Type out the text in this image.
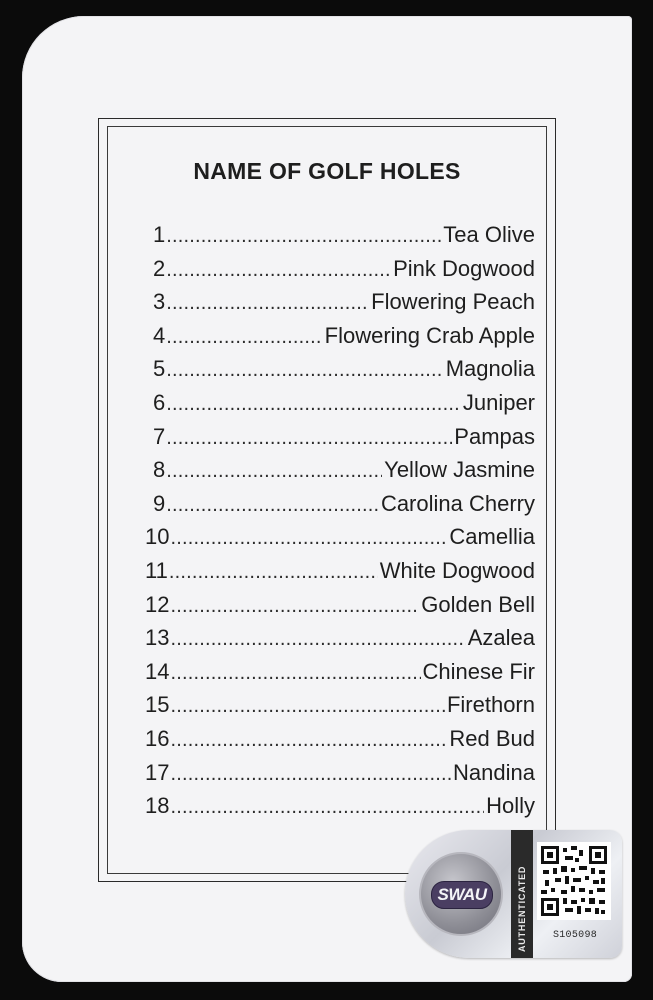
NAME OF GOLF HOLES
1 .....	Tea Olive
2 .....	Pink Dogwood
3 .....	Flowering Peach
4 .....	Flowering Crab Apple
5 .....	Magnolia
6 .....	Juniper
7 .....	Pampas
8 .....	Yellow Jasmine
9 .....	Carolina Cherry
10 .....	Camellia
11 .....	White Dogwood
12 .....	Golden Bell
13 .....	Azalea
14 .....	Chinese Fir
15 .....	Firethorn
16 .....	Red Bud
17 .....	Nandina
18 .....	Holly
SWAU	AUTHENTICATED	S105098
